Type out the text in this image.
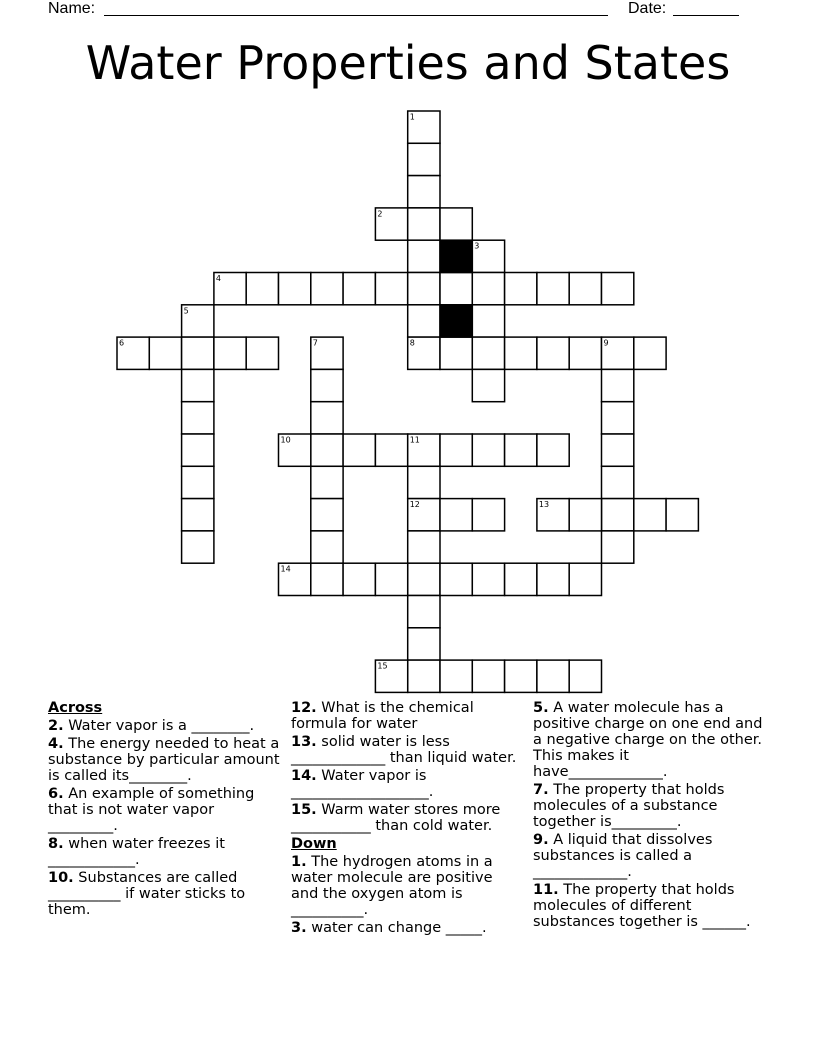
Name:	Date:
Water Properties and States
1
2
3
4
5
6	7	8	9
10	11
12	13
14
15
Across
2. Water vapor is a ________.
4. The energy needed to heat a substance by particular amount is called its________.
6. An example of something that is not water vapor _________.
8. when water freezes it ____________.
10. Substances are called __________ if water sticks to them.
12. What is the chemical formula for water
13. solid water is less _____________ than liquid water.
14. Water vapor is ___________________.
15. Warm water stores more ___________ than cold water.
Down
1. The hydrogen atoms in a water molecule are positive and the oxygen atom is __________.
3. water can change _____.
5. A water molecule has a positive charge on one end and a negative charge on the other. This makes it have_____________.
7. The property that holds molecules of a substance together is_________.
9. A liquid that dissolves substances is called a _____________.
11. The property that holds molecules of different substances together is ______.
